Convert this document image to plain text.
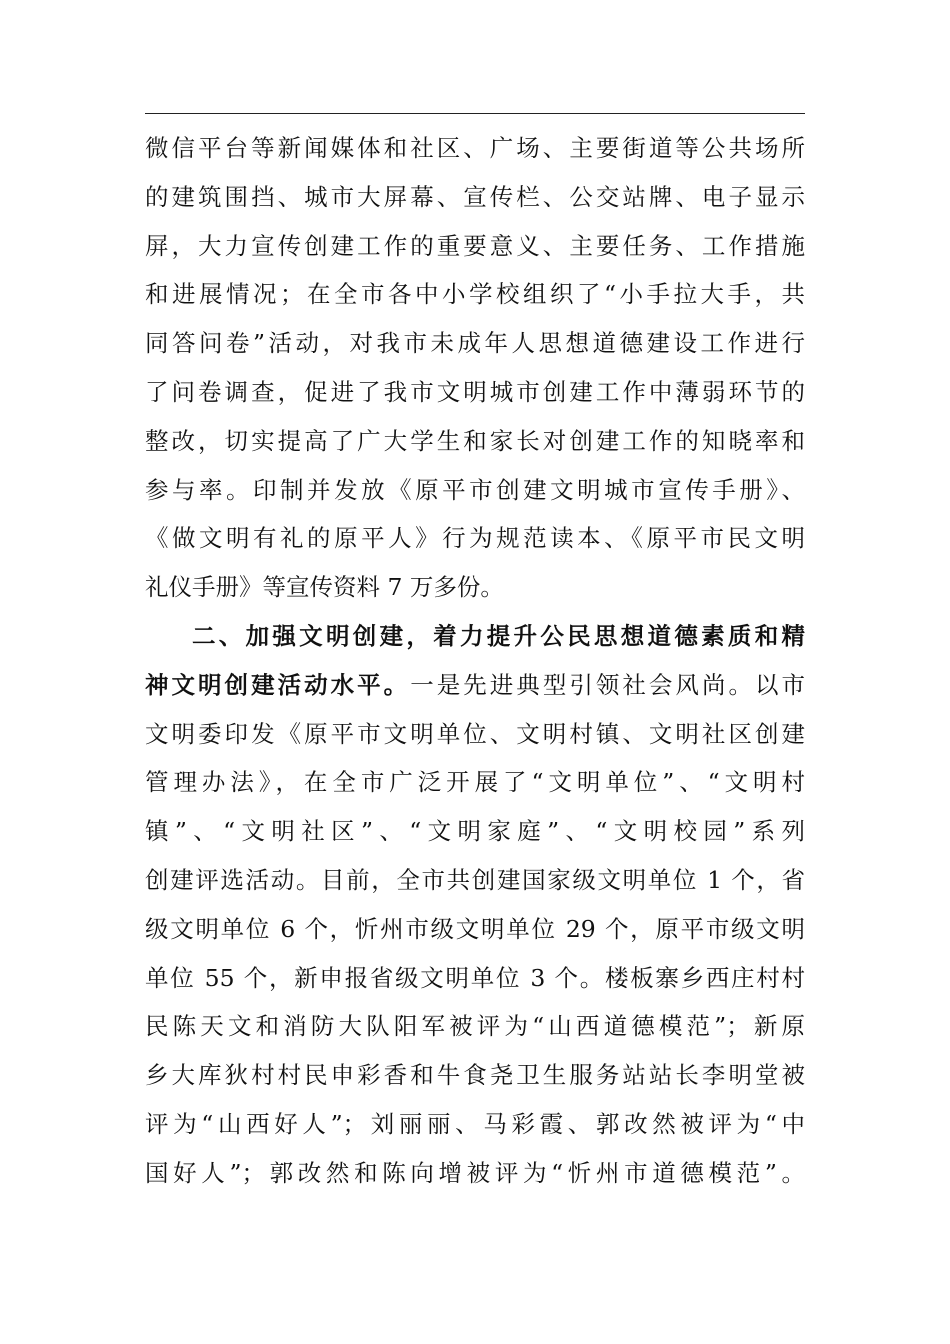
微信平台等新闻媒体和社区、广场、主要街道等公共场所
的建筑围挡、城市大屏幕、宣传栏、公交站牌、电子显示
屏，大力宣传创建工作的重要意义、主要任务、工作措施
和进展情况；在全市各中小学校组织了“小手拉大手，共
同答问卷”活动，对我市未成年人思想道德建设工作进行
了问卷调查，促进了我市文明城市创建工作中薄弱环节的
整改，切实提高了广大学生和家长对创建工作的知晓率和
参与率。印制并发放《原平市创建文明城市宣传手册》、
《做文明有礼的原平人》行为规范读本、《原平市民文明
礼仪手册》等宣传资料 7 万多份。
二、加强文明创建，着力提升公民思想道德素质和精
神文明创建活动水平。一是先进典型引领社会风尚。以市
文明委印发《原平市文明单位、文明村镇、文明社区创建
管理办法》，在全市广泛开展了“文明单位”、“文明村
镇”、“文明社区”、“文明家庭”、“文明校园”系列
创建评选活动。目前，全市共创建国家级文明单位 1 个，省
级文明单位 6 个，忻州市级文明单位 29 个，原平市级文明
单位 55 个，新申报省级文明单位 3 个。楼板寨乡西庄村村
民陈天文和消防大队阳军被评为“山西道德模范”；新原
乡大库狄村村民申彩香和牛食尧卫生服务站站长李明堂被
评为“山西好人”；刘丽丽、马彩霞、郭改然被评为“中
国好人”；郭改然和陈向增被评为“忻州市道德模范”。
